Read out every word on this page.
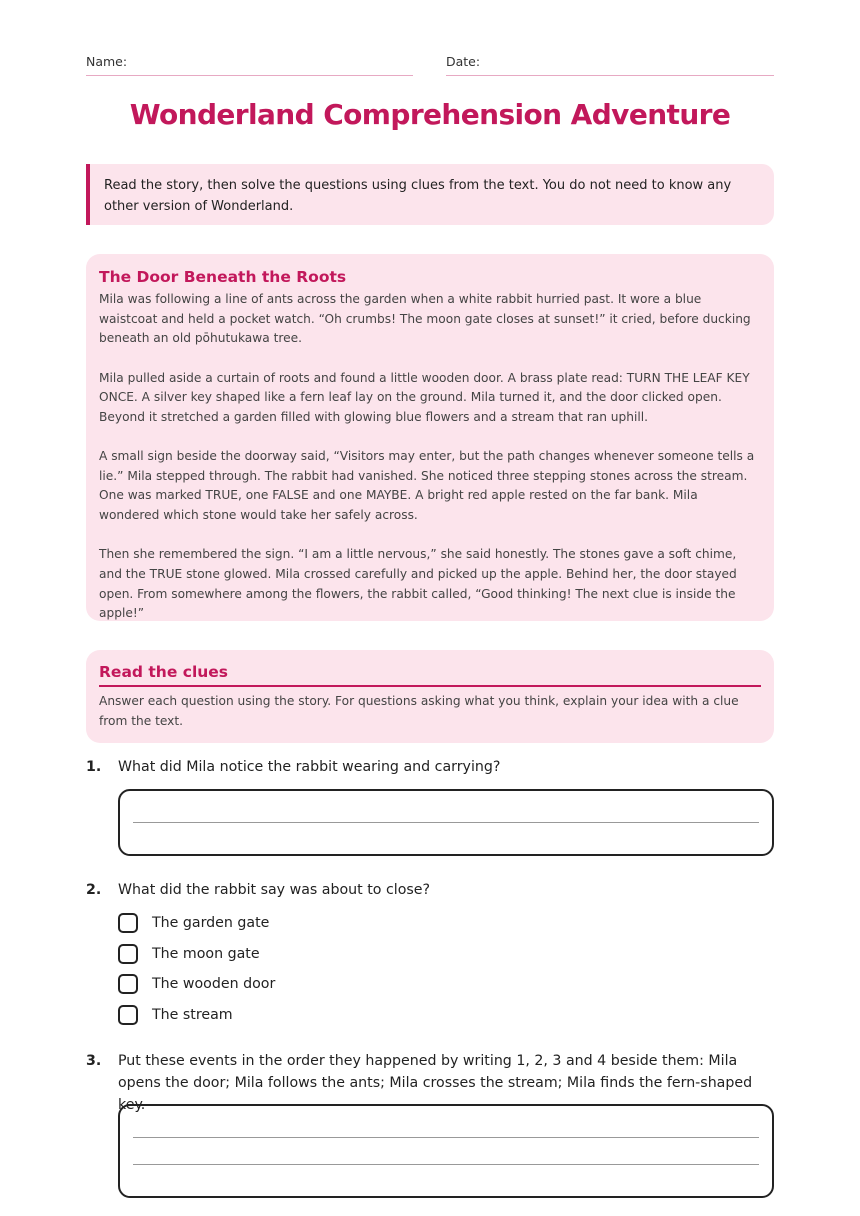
Name:	Date:
Wonderland Comprehension Adventure
Read the story, then solve the questions using clues from the text. You do not need to know any other version of Wonderland.
The Door Beneath the Roots

Mila was following a line of ants across the garden when a white rabbit hurried past. It wore a blue waistcoat and held a pocket watch. “Oh crumbs! The moon gate closes at sunset!” it cried, before ducking beneath an old pōhutukawa tree.

Mila pulled aside a curtain of roots and found a little wooden door. A brass plate read: TURN THE LEAF KEY ONCE. A silver key shaped like a fern leaf lay on the ground. Mila turned it, and the door clicked open. Beyond it stretched a garden filled with glowing blue flowers and a stream that ran uphill.

A small sign beside the doorway said, “Visitors may enter, but the path changes whenever someone tells a lie.” Mila stepped through. The rabbit had vanished. She noticed three stepping stones across the stream. One was marked TRUE, one FALSE and one MAYBE. A bright red apple rested on the far bank. Mila wondered which stone would take her safely across.

Then she remembered the sign. “I am a little nervous,” she said honestly. The stones gave a soft chime, and the TRUE stone glowed. Mila crossed carefully and picked up the apple. Behind her, the door stayed open. From somewhere among the flowers, the rabbit called, “Good thinking! The next clue is inside the apple!”

Read the clues
Answer each question using the story. For questions asking what you think, explain your idea with a clue from the text.
1. What did Mila notice the rabbit wearing and carrying?
2. What did the rabbit say was about to close?
The garden gate
The moon gate
The wooden door
The stream
3. Put these events in the order they happened by writing 1, 2, 3 and 4 beside them: Mila opens the door; Mila follows the ants; Mila crosses the stream; Mila finds the fern-shaped key.
